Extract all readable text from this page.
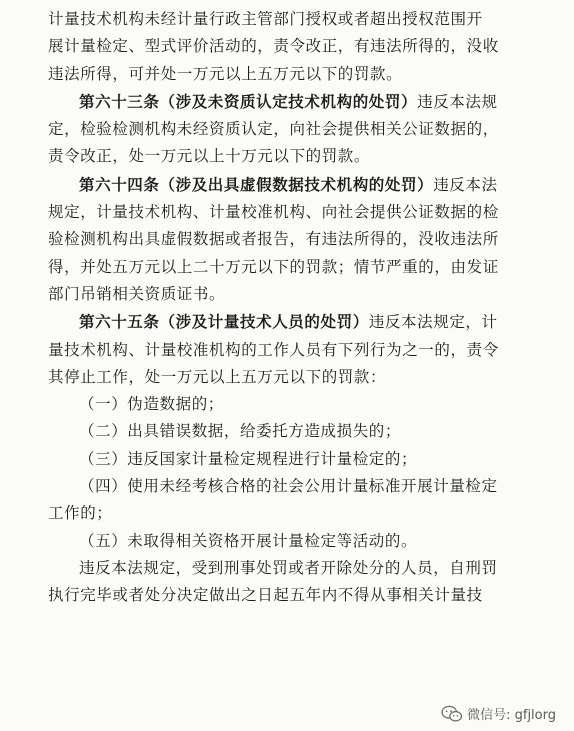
计量技术机构未经计量行政主管部门授权或者超出授权范围开
展计量检定、型式评价活动的，责令改正，有违法所得的，没收
违法所得，可并处一万元以上五万元以下的罚款。
第六十三条（涉及未资质认定技术机构的处罚）违反本法规
定，检验检测机构未经资质认定，向社会提供相关公证数据的，
责令改正，处一万元以上十万元以下的罚款。
第六十四条（涉及出具虚假数据技术机构的处罚）违反本法
规定，计量技术机构、计量校准机构、向社会提供公证数据的检
验检测机构出具虚假数据或者报告，有违法所得的，没收违法所
得，并处五万元以上二十万元以下的罚款；情节严重的，由发证
部门吊销相关资质证书。
第六十五条（涉及计量技术人员的处罚）违反本法规定，计
量技术机构、计量校准机构的工作人员有下列行为之一的，责令
其停止工作，处一万元以上五万元以下的罚款：
（一）伪造数据的；
（二）出具错误数据，给委托方造成损失的；
（三）违反国家计量检定规程进行计量检定的；
（四）使用未经考核合格的社会公用计量标准开展计量检定
工作的；
（五）未取得相关资格开展计量检定等活动的。
违反本法规定，受到刑事处罚或者开除处分的人员，自刑罚
执行完毕或者处分决定做出之日起五年内不得从事相关计量技
微信号: gfjlorg
